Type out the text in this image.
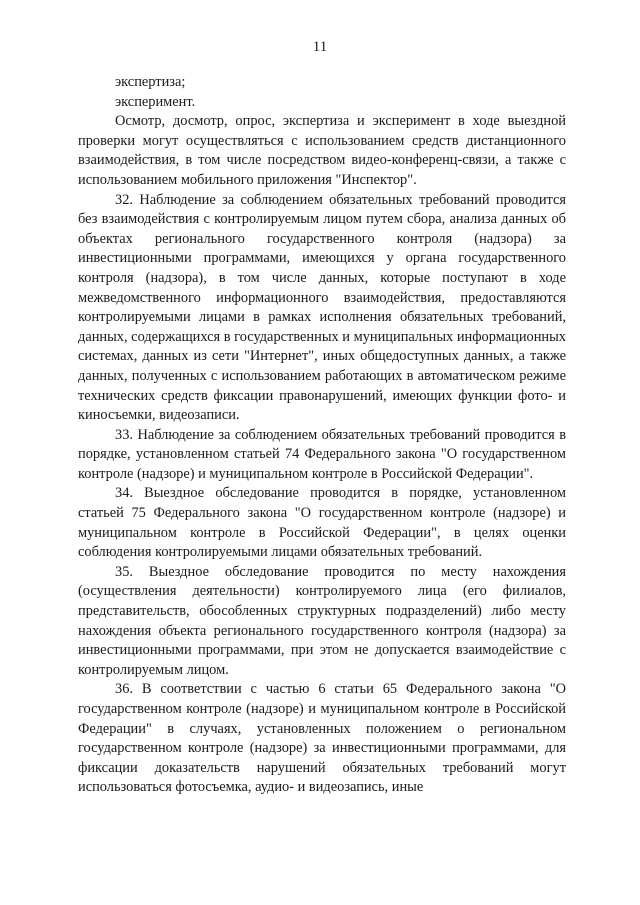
11

экспертиза;

эксперимент.

Осмотр, досмотр, опрос, экспертиза и эксперимент в ходе выездной проверки могут осуществляться с использованием средств дистанционного взаимодействия, в том числе посредством видео-конференц-связи, а также с использованием мобильного приложения "Инспектор".

32. Наблюдение за соблюдением обязательных требований проводится без взаимодействия с контролируемым лицом путем сбора, анализа данных об объектах регионального государственного контроля (надзора) за инвестиционными программами, имеющихся у органа государственного контроля (надзора), в том числе данных, которые поступают в ходе межведомственного информационного взаимодействия, предоставляются контролируемыми лицами в рамках исполнения обязательных требований, данных, содержащихся в государственных и муниципальных информационных системах, данных из сети "Интернет", иных общедоступных данных, а также данных, полученных с использованием работающих в автоматическом режиме технических средств фиксации правонарушений, имеющих функции фото- и киносъемки, видеозаписи.

33. Наблюдение за соблюдением обязательных требований проводится в порядке, установленном статьей 74 Федерального закона "О государственном контроле (надзоре) и муниципальном контроле в Российской Федерации".

34. Выездное обследование проводится в порядке, установленном статьей 75 Федерального закона "О государственном контроле (надзоре) и муниципальном контроле в Российской Федерации", в целях оценки соблюдения контролируемыми лицами обязательных требований.

35. Выездное обследование проводится по месту нахождения (осуществления деятельности) контролируемого лица (его филиалов, представительств, обособленных структурных подразделений) либо месту нахождения объекта регионального государственного контроля (надзора) за инвестиционными программами, при этом не допускается взаимодействие с контролируемым лицом.

36. В соответствии с частью 6 статьи 65 Федерального закона "О государственном контроле (надзоре) и муниципальном контроле в Российской Федерации" в случаях, установленных положением о региональном государственном контроле (надзоре) за инвестиционными программами, для фиксации доказательств нарушений обязательных требований могут использоваться фотосъемка, аудио- и видеозапись, иные
